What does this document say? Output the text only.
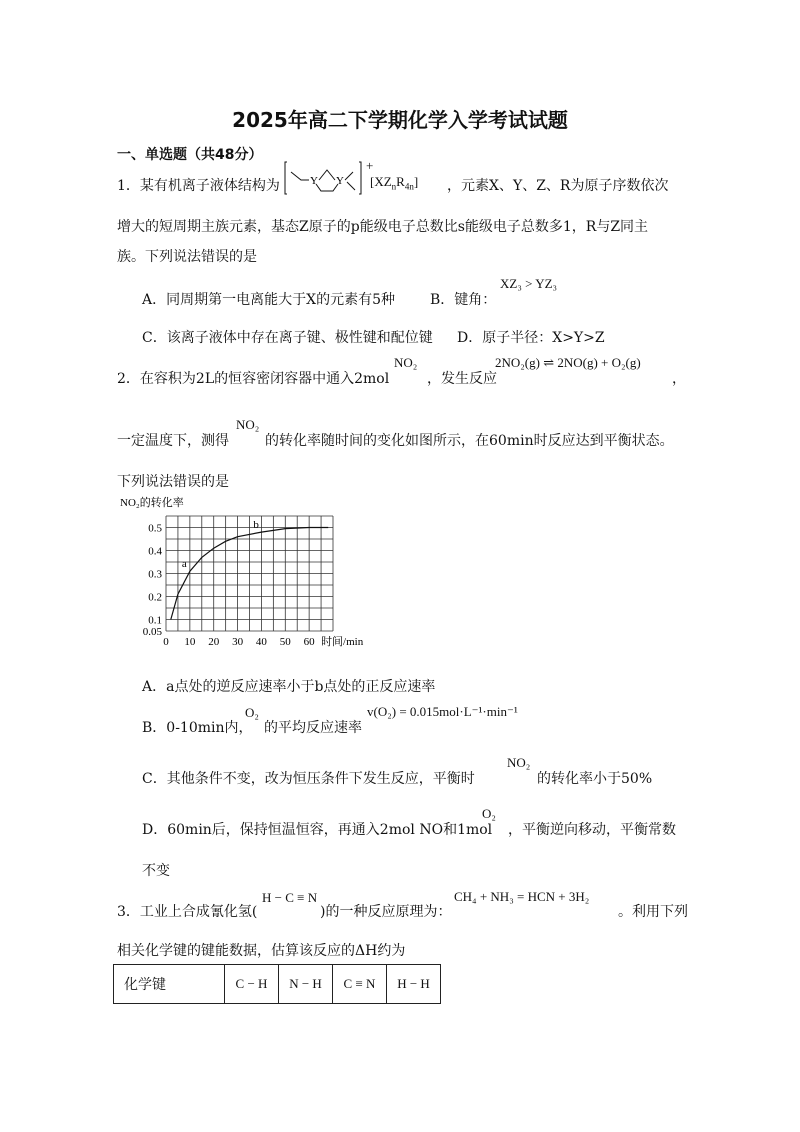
2025年高二下学期化学入学考试试题
一、单选题（共48分）
1．某有机离子液体结构为	Y Y
+
$[XZ_nR_{4n}]$ ，元素X、Y、Z、R为原子序数依次
增大的短周期主族元素，基态Z原子的p能级电子总数比s能级电子总数多1，R与Z同主
族。下列说法错误的是
A．同周期第一电离能大于X的元素有5种	B．键角：
XZ₃ > YZ₃
C．该离子液体中存在离子键、极性键和配位键 D．原子半径：X>Y>Z
2．在容积为2L的恒容密闭容器中通入2mol
NO₂
，发生反应
2NO₂(g) ⇌ 2NO(g) + O₂(g)
，
一定温度下，测得
NO₂
的转化率随时间的变化如图所示，在60min时反应达到平衡状态。
下列说法错误的是
NO₂的转化率
0.05
0.1
0.2
0.3
0.4
0.5
0 10 20 30 40 50 60 时间/min
a
b
A．a点处的逆反应速率小于b点处的正反应速率
B．0-10min内，
O₂
的平均反应速率
v(O₂) = 0.015mol·L⁻¹·min⁻¹
C．其他条件不变，改为恒压条件下发生反应，平衡时
NO₂
的转化率小于50%
D．60min后，保持恒温恒容，再通入2mol NO和1mol
O₂
，平衡逆向移动，平衡常数
不变
3．工业上合成氰化氢(
H − C ≡ N
)的一种反应原理为：
CH₄ + NH₃ = HCN + 3H₂
。利用下列
相关化学键的键能数据，估算该反应的ΔH约为
化学键	C − H	N − H	C ≡ N	H − H
